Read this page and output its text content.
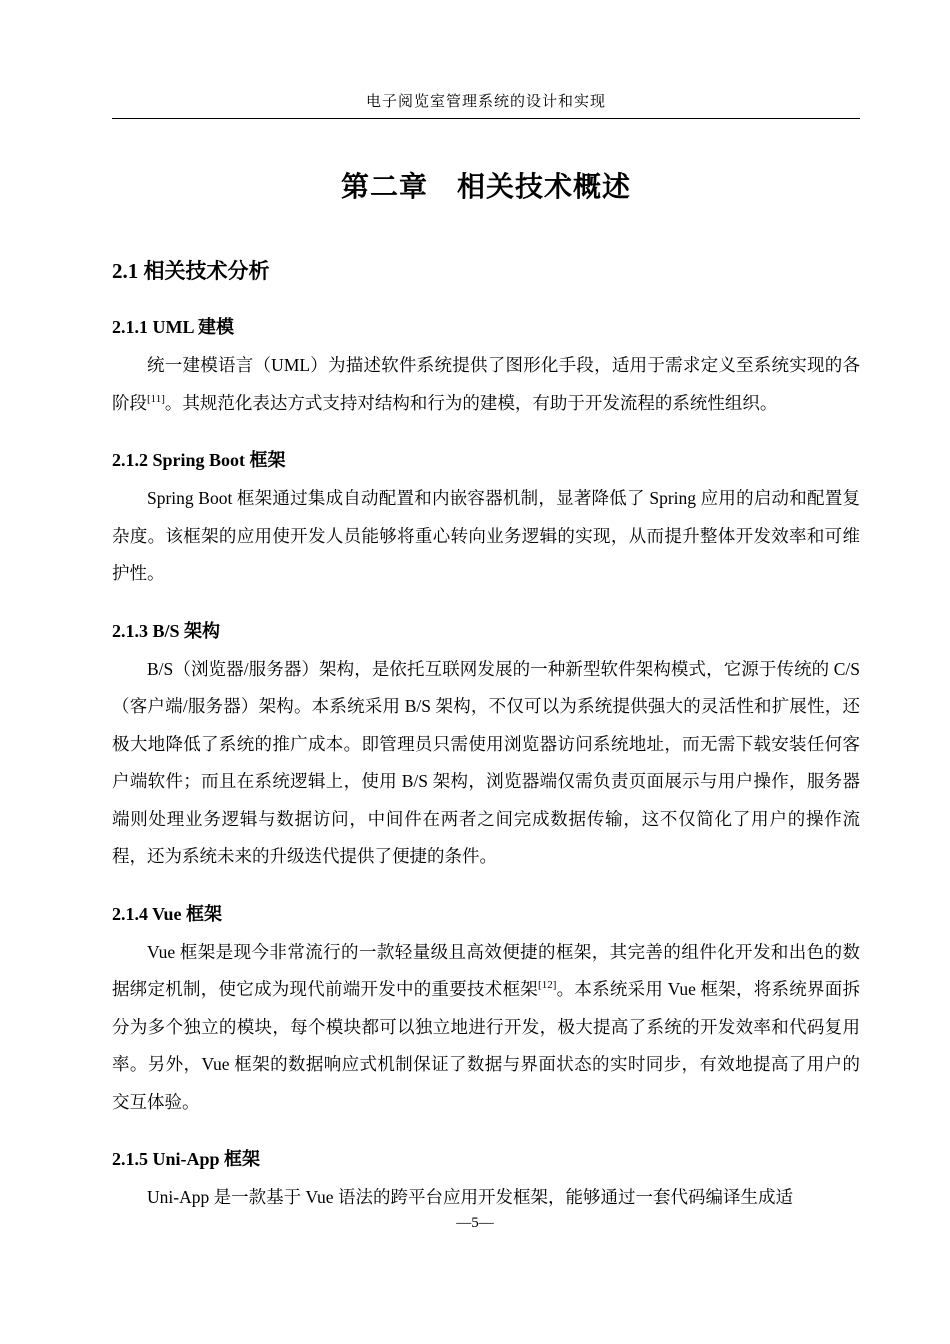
电子阅览室管理系统的设计和实现
第二章　相关技术概述
2.1 相关技术分析
2.1.1 UML 建模

统一建模语言（UML）为描述软件系统提供了图形化手段，适用于需求定义至系统实现的各阶段[11]。其规范化表达方式支持对结构和行为的建模，有助于开发流程的系统性组织。

2.1.2 Spring Boot 框架

Spring Boot 框架通过集成自动配置和内嵌容器机制，显著降低了 Spring 应用的启动和配置复杂度。该框架的应用使开发人员能够将重心转向业务逻辑的实现，从而提升整体开发效率和可维护性。

2.1.3 B/S 架构

B/S（浏览器/服务器）架构，是依托互联网发展的一种新型软件架构模式，它源于传统的 C/S（客户端/服务器）架构。本系统采用 B/S 架构，不仅可以为系统提供强大的灵活性和扩展性，还极大地降低了系统的推广成本。即管理员只需使用浏览器访问系统地址，而无需下载安装任何客户端软件；而且在系统逻辑上，使用 B/S 架构，浏览器端仅需负责页面展示与用户操作，服务器端则处理业务逻辑与数据访问，中间件在两者之间完成数据传输，这不仅简化了用户的操作流程，还为系统未来的升级迭代提供了便捷的条件。

2.1.4 Vue 框架

Vue 框架是现今非常流行的一款轻量级且高效便捷的框架，其完善的组件化开发和出色的数据绑定机制，使它成为现代前端开发中的重要技术框架[12]。本系统采用 Vue 框架，将系统界面拆分为多个独立的模块，每个模块都可以独立地进行开发，极大提高了系统的开发效率和代码复用率。另外，Vue 框架的数据响应式机制保证了数据与界面状态的实时同步，有效地提高了用户的交互体验。

2.1.5 Uni-App 框架

Uni-App 是一款基于 Vue 语法的跨平台应用开发框架，能够通过一套代码编译生成适

—5—
